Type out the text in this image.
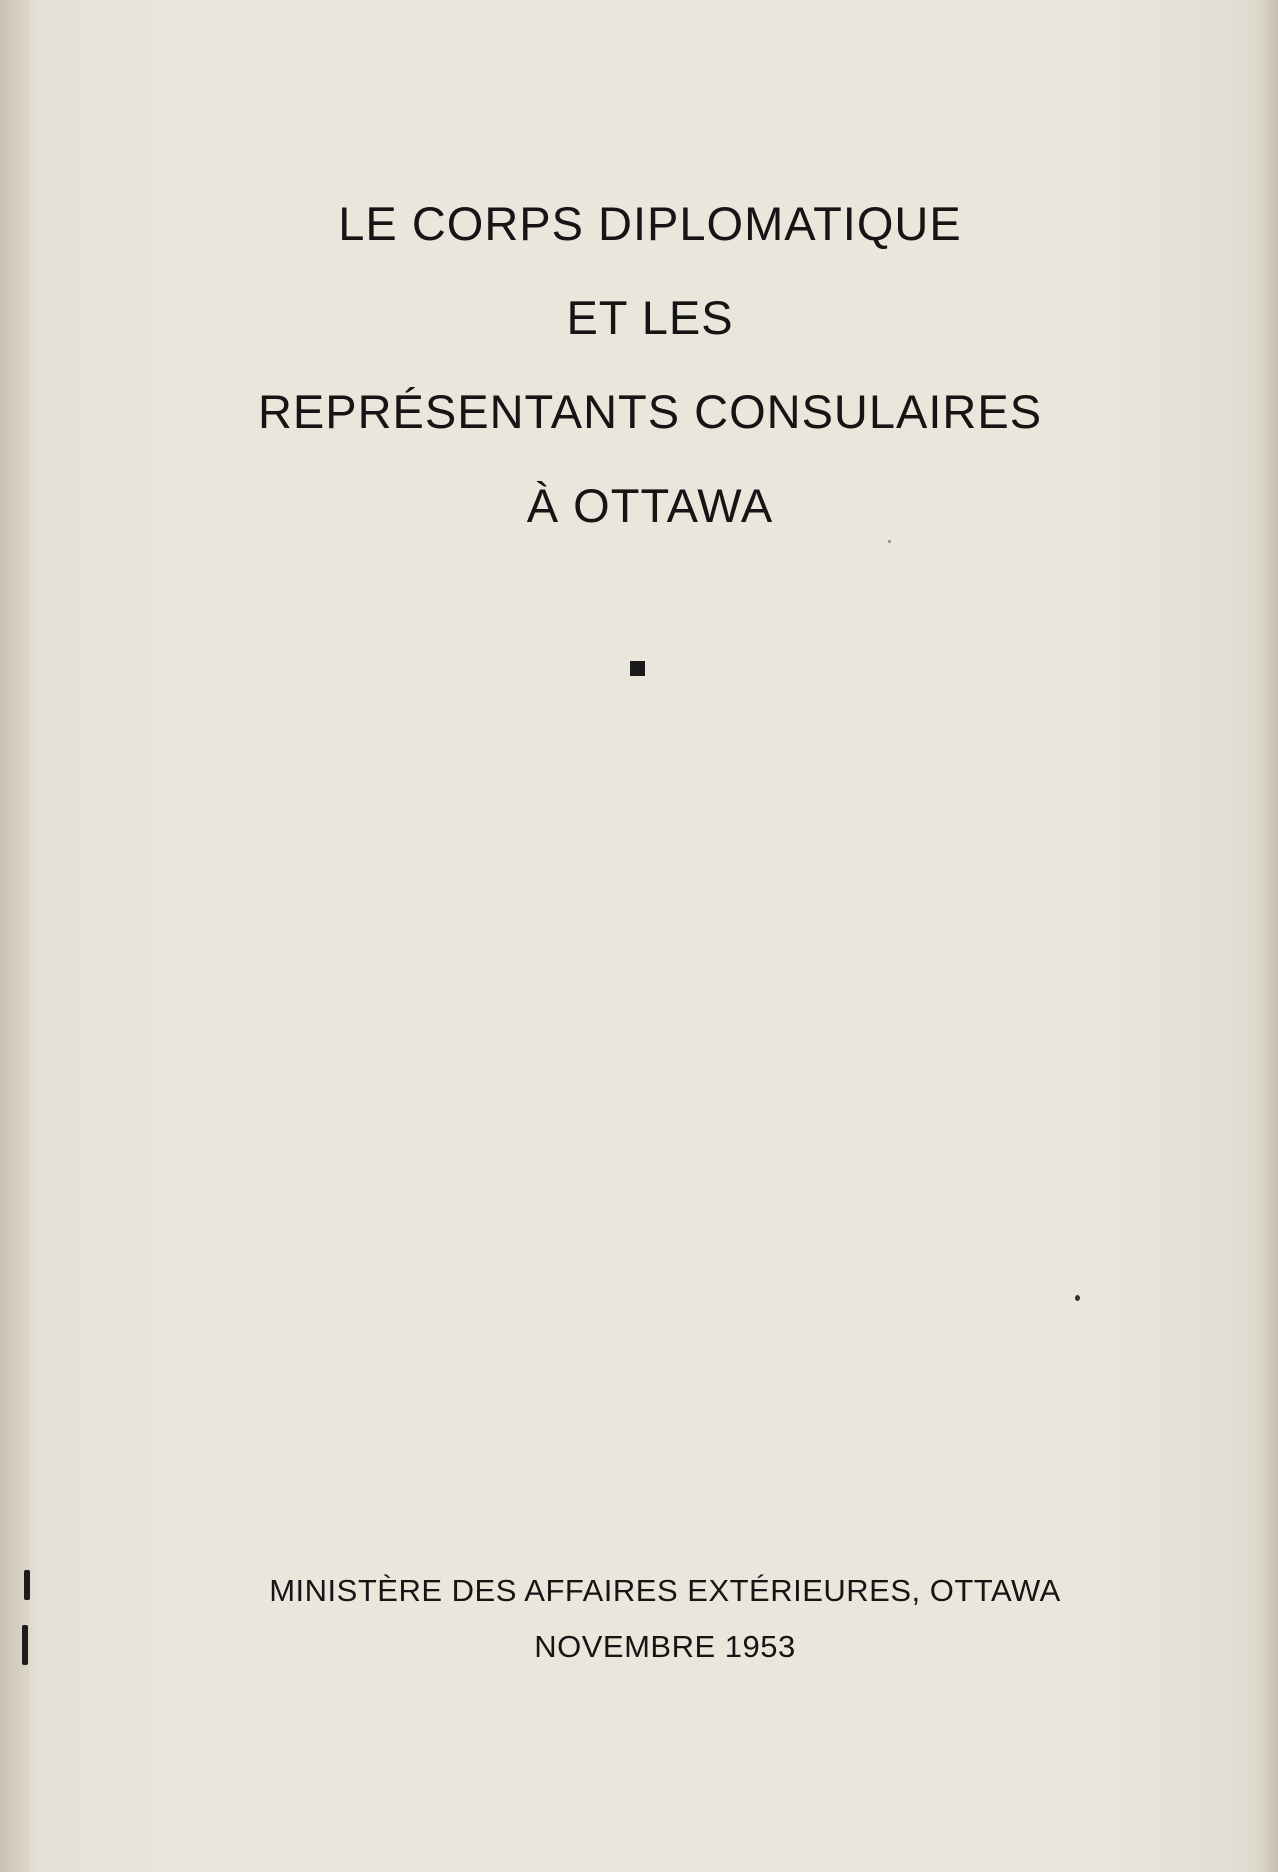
LE CORPS DIPLOMATIQUE
ET LES
REPRÉSENTANTS CONSULAIRES
À OTTAWA
MINISTÈRE DES AFFAIRES EXTÉRIEURES, OTTAWA
NOVEMBRE 1953
